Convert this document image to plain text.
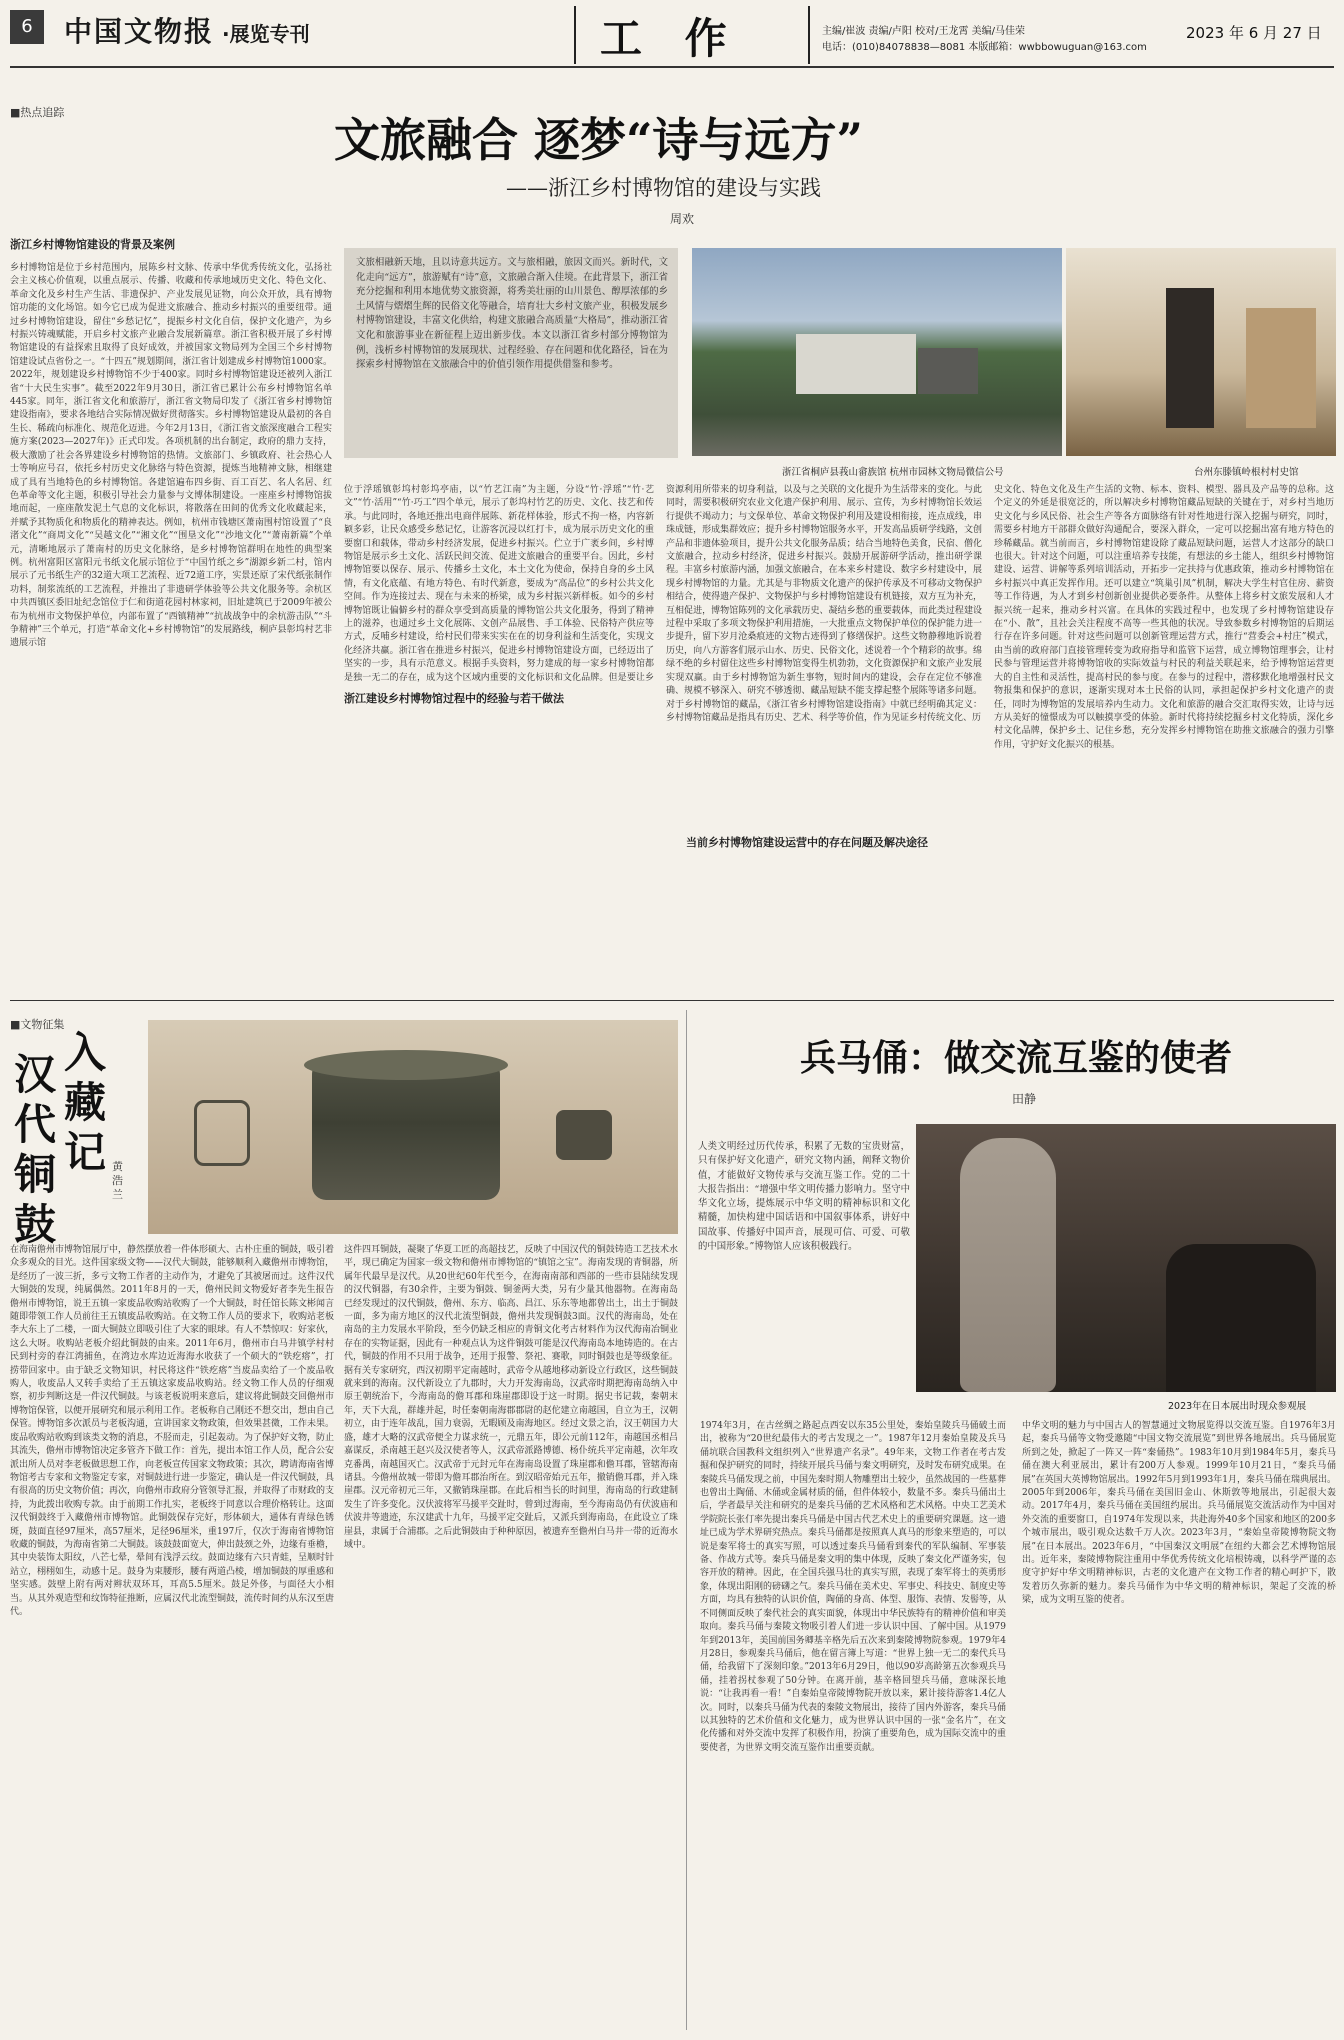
6	中国文物报 ·展览专刊	工 作	主编/崔波 责编/卢阳 校对/王龙霄 美编/马佳荣
电话：(010)84078838—8081 本版邮箱：wwbbowuguan@163.com
2023 年 6 月 27 日
■热点追踪
文旅融合 逐梦“诗与远方”
——浙江乡村博物馆的建设与实践
周欢
浙江乡村博物馆建设的背景及案例
乡村博物馆是位于乡村范围内，展陈乡村文脉、传承中华优秀传统文化，弘扬社会主义核心价值观，以重点展示、传播、收藏和传承地域历史文化、特色文化、革命文化及乡村生产生活、非遗保护、产业发展见证物，向公众开放，具有博物馆功能的文化场馆。如今它已成为促进文旅融合、推动乡村振兴的重要纽带。通过乡村博物馆建设，留住“乡愁记忆”，提振乡村文化自信，保护文化遗产，为乡村振兴铸魂赋能，开启乡村文旅产业融合发展新篇章。浙江省积极开展了乡村博物馆建设的有益探索且取得了良好成效，并被国家文物局列为全国三个乡村博物馆建设试点省份之一。“十四五”规划期间，浙江省计划建成乡村博物馆1000家。2022年，规划建设乡村博物馆不少于400家。同时乡村博物馆建设还被列入浙江省“十大民生实事”。截至2022年9月30日，浙江省已累计公布乡村博物馆名单445家。同年，浙江省文化和旅游厅，浙江省文物局印发了《浙江省乡村博物馆建设指南》，要求各地结合实际情况做好贯彻落实。乡村博物馆建设从最初的各自生长、稀疏向标准化、规范化迈进。今年2月13日，《浙江省文旅深度融合工程实施方案(2023—2027年)》正式印发。各项机制的出台制定，政府的鼎力支持，极大激励了社会各界建设乡村博物馆的热情。文旅部门、乡镇政府、社会热心人士等响应号召，依托乡村历史文化脉络与特色资源，提炼当地精神文脉，相继建成了具有当地特色的乡村博物馆。各建馆遍布四乡街、百工百艺、名人名居、红色革命等文化主题，积极引导社会力量参与文博体制建设。一座座乡村博物馆拔地而起，一座座散发泥土气息的文化标识，将散落在田间的优秀文化收藏起来，并赋予其物质化和物质化的精神表达。例如，杭州市钱塘区萧南围村馆设置了“良渚文化”“商周文化”“吴越文化”“湘文化”“围垦文化”“沙地文化”“萧南新篇”个单元，清晰地展示了萧南村的历史文化脉络，是乡村博物馆群明在地性的典型案例。杭州富阳区富阳元书纸文化展示馆位于“中国竹纸之乡”湖源乡新二村，馆内展示了元书纸生产的32道大项工艺流程、近72道工序，实景还原了宋代纸张制作功料，制浆流纸的工艺流程，并推出了非遗研学体验等公共文化服务等。余杭区中共西镇区委旧址纪念馆位于仁和街道花园村林家祠，旧址建筑已于2009年被公布为杭州市文物保护单位，内部布置了“西镇精神”“抗战战争中的余杭游击队”“斗争精神”三个单元，打造“革命文化+乡村博物馆”的发展路线，桐庐县彰坞村艺非遗展示馆
文旅相融新天地，且以诗意共远方。文与旅相融，旅因文而兴。新时代，文化走向“远方”，旅游赋有“诗”意，文旅融合渐入佳境。在此背景下，浙江省充分挖掘和利用本地优势文旅资源，将秀美壮丽的山川景色、醇厚浓郁的乡土风情与熠熠生辉的民俗文化等融合，培育壮大乡村文旅产业，积极发展乡村博物馆建设，丰富文化供给，构建文旅融合高质量“大格局”，推动浙江省文化和旅游事业在新征程上迈出新步伐。本文以浙江省乡村部分博物馆为例，浅析乡村博物馆的发展现状、过程经验、存在问题和优化路径，旨在为探索乡村博物馆在文旅融合中的价值引领作用提供借鉴和参考。
浙江省桐庐县莪山畲族馆 杭州市园林文物局微信公号	台州东滕镇岭根村村史馆
位于浮瑶镇彰坞村彰坞亭庙，以“竹艺江南”为主题，分设“竹·浮瑶”“竹·艺文”“竹·活用”“竹·巧工”四个单元，展示了彰坞村竹艺的历史、文化、技艺和传承。与此同时，各地还推出电商伴展陈、新花样体验，形式不拘一格，内容新颖多彩，让民众感受乡愁记忆，让游客沉浸以红打卡，成为展示历史文化的重要窗口和载体，带动乡村经济发展，促进乡村振兴。伫立于广袤乡间，乡村博物馆是展示乡土文化、活跃民间交流、促进文旅融合的重要平台。因此，乡村博物馆要以保存、展示、传播乡土文化，本土文化为使命，保持自身的乡土风情，有文化底蕴、有地方特色、有时代新意，要成为“高品位”的乡村公共文化空间。作为连接过去、现在与未来的桥梁，成为乡村振兴新样板。如今的乡村博物馆既让偏僻乡村的群众享受到高质量的博物馆公共文化服务，得到了精神上的滋养，也通过乡土文化展陈、文创产品展售、手工体验、民俗特产供应等方式，反哺乡村建设，给村民们带来实实在在的切身利益和生活变化，实现文化经济共赢。浙江省在推进乡村振兴，促进乡村博物馆建设方面，已经迈出了坚实的一步，具有示范意义。根据手头资料，努力建成的每一家乡村博物馆都是独一无二的存在，成为这个区域内重要的文化标识和文化品牌。但是要让乡
浙江建设乡村博物馆过程中的经验与若干做法
资源利用所带来的切身利益，以及与之关联的文化提升为生活带来的变化。与此同时，需要积极研究农业文化遗产保护利用、展示、宣传，为乡村博物馆长效运行提供不竭动力；与文保单位、革命文物保护利用及建设相衔接，连点成线，串珠成链，形成集群效应；提升乡村博物馆服务水平，开发高品质研学线路，文创产品和非遗体验项目，提升公共文化服务品质；结合当地特色美食，民宿、僧化文旅融合，拉动乡村经济，促进乡村振兴。鼓励开展游研学活动，推出研学课程。丰富乡村旅游内涵，加强文旅融合，在本来乡村建设、数字乡村建设中，展现乡村博物馆的力量。尤其是与非物质文化遗产的保护传承及不可移动文物保护相结合，使得遗产保护、文物保护与乡村博物馆建设有机链接，双方互为补充，互相促进，博物馆陈列的文化承载历史、凝结乡愁的重要载体，而此类过程建设过程中采取了多项文物保护利用措施，一大批重点文物保护单位的保护能力进一步提升，留下岁月沧桑痕迹的文物古迹得到了修缮保护。这些文物静穆地诉说着历史，向八方游客们展示山水、历史、民俗文化，述说着一个个精彩的故事。绵绿不绝的乡村留住这些乡村博物馆变得生机勃勃，文化资源保护和文旅产业发展实现双赢。由于乡村博物馆为新生事物，短时间内的建设，会存在定位不够准确、规模不够深入、研究不够透彻、藏品短缺不能支撑起整个展陈等诸多问题。对于乡村博物馆的藏品，《浙江省乡村博物馆建设指南》中就已经明确其定义：乡村博物馆藏品是指具有历史、艺术、科学等价值，作为见证乡村传统文化、历
当前乡村博物馆建设运营中的存在问题及解决途径
史文化、特色文化及生产生活的文物、标本、资料、模型、器具及产品等的总称。这个定义的外延是很宽泛的，所以解决乡村博物馆藏品短缺的关键在于，对乡村当地历史文化与乡风民俗、社会生产等各方面脉络有针对性地进行深入挖掘与研究，同时，需要乡村地方干部群众做好沟通配合，要深入群众，一定可以挖掘出富有地方特色的珍稀藏品。就当前而言，乡村博物馆建设除了藏品短缺问题，运营人才这部分的缺口也很大。针对这个问题，可以注重培养专技能，有想法的乡土能人，组织乡村博物馆建设、运营、讲解等系列培训活动，开拓步一定扶持与优惠政策，推动乡村博物馆在乡村振兴中真正发挥作用。还可以建立“筑巢引凤”机制，解决大学生村官住房、薪资等工作待遇，为人才到乡村创新创业提供必要条件。从整体上将乡村文旅发展和人才振兴统一起来，推动乡村兴富。在具体的实践过程中，也发现了乡村博物馆建设存在“小、散”，且社会关注程度不高等一些其他的状况。导致参数乡村博物馆的后期运行存在许多问题。针对这些问题可以创新管理运营方式，推行“营委会+村庄”模式，由当前的政府部门直接管理转变为政府指导和监管下运营，成立博物馆理事会，让村民参与管理运营并将博物馆收的实际效益与村民的利益关联起来，给予博物馆运营更大的自主性和灵活性，提高村民的参与度。在参与的过程中，潜移默化地增强村民文物报集和保护的意识，逐渐实现对本土民俗的认同，承担起保护乡村文化遗产的责任，同时为博物馆的发展培养内生动力。文化和旅游的融合交汇取得实效，让诗与远方从美好的憧憬成为可以触摸享受的体验。新时代将持续挖掘乡村文化特质，深化乡村文化品牌，保护乡土、记住乡愁，充分发挥乡村博物馆在助推文旅融合的强力引擎作用，守护好文化振兴的根基。
■文物征集
汉代铜鼓
入藏记 黄浩兰
在海南儋州市博物馆展厅中，静然摆放着一件体形硕大、古朴庄重的铜鼓，吸引着众多观众的目光。这件国家级文物——汉代大铜鼓，能够顺利入藏儋州市博物馆，是经历了一波三折，多亏文物工作者的主动作为，才避免了其被屠而过。这件汉代大铜鼓的发现，纯属偶然。2011年8月的一天，儋州民间文物爱好者李先生报告儋州市博物馆，说王五镇一家废品收购站收购了一个大铜鼓，时任馆长陈文彬闻言随即带领工作人员前往王五镇废品收购站。在文物工作人员的要求下，收购站老板李大东上了二楼，一面大铜鼓立即吸引住了大家的眼球。有人不禁惊叹：好家伙，这么大呀。收购站老板介绍此铜鼓的由来。2011年6月，儋州市白马井镇学村村民到村旁的春江湾捕鱼，在湾边水库边近海海水收获了一个硕大的“铁疙瘩”，打捞带回家中。由于缺乏文物知识，村民将这件“铁疙瘩”当废品卖给了一个废品收购人，收废品人又转手卖给了王五镇这家废品收购站。经文物工作人员的仔细观察，初步判断这是一件汉代铜鼓。与该老板说明来意后，建议将此铜鼓交回儋州市博物馆保管，以便开展研究和展示利用工作。老板称自己刚还不想交出，想由自己保管。博物馆多次派员与老板沟通，宣讲国家文物政策，但效果甚微，工作未果。废品收购站收购到该类文物的消息，不胫而走，引起轰动。为了保护好文物，防止其流失，儋州市博物馆决定多管齐下做工作：首先，提出本馆工作人员，配合公安派出所人员对李老板做思想工作，向老板宣传国家文物政策；其次，聘请海南省博物馆考古专家和文物鉴定专家，对铜鼓进行进一步鉴定，确认是一件汉代铜鼓，具有很高的历史文物价值；再次，向儋州市政府分管领导汇报，并取得了市财政的支持，为此拨出收购专款。由于前期工作扎实，老板终于同意以合理价格转让。这面汉代铜鼓终于入藏儋州市博物馆。此铜鼓保存完好，形体硕大，通体有青绿色锈斑，鼓面直径97厘米，高57厘米，足径96厘米，重197斤，仅次于海南省博物馆收藏的铜鼓，为海南省第二大铜鼓。该鼓鼓面宽大，伸出鼓颈之外，边缘有垂檐，其中央装饰太阳纹，八芒七晕，晕间有浅浮云纹。鼓面边缘有六只青蛙，呈顺时针站立，栩栩如生，动感十足。鼓身为束腰形，腰有两道凸棱，增加铜鼓的厚重感和坚实感。鼓壁上附有两对辫状双环耳，耳高5.5厘米。鼓足外侈，与面径大小相当。从其外观造型和纹饰特征推断，应属汉代北流型铜鼓，流传时间约从东汉至唐代。
这件四耳铜鼓，凝聚了华夏工匠的高超技艺，反映了中国汉代的铜鼓铸造工艺技术水平，现已确定为国家一级文物和儋州市博物馆的“镇馆之宝”。海南发现的青铜器，所属年代最早是汉代。从20世纪60年代至今，在海南南部和西部的一些市县陆续发现的汉代铜器，有30余件，主要为铜鼓、铜釜两大类，另有少量其他器物。在海南岛已经发现过的汉代铜鼓，儋州、东方、临高、昌江、乐东等地都曾出土，出土于铜鼓一面，多为南方地区的汉代北流型铜鼓，儋州共发现铜鼓3面。汉代的海南岛，处在南岛的主力发展水平阶段，至今仍缺乏相应的青铜文化考古材料作为汉代海南冶铜业存在的实物证据，因此有一种观点认为这件铜鼓可能是汉代海南岛本地铸造的。在古代，铜鼓的作用不只用于战争，还用于报警、祭祀、赛歌，同时铜鼓也是等级象征。据有关专家研究，西汉初期平定南越时，武帝令从越地移动新设立行政区，这些铜鼓就来到的海南。汉代新设立了九郡时，大力开发海南岛，汉武帝时期把海南岛纳入中原王朝统治下，今海南岛的儋耳郡和珠崖郡即设于这一时期。据史书记载，秦朝末年，天下大乱，群雄并起，时任秦朝南海郡郡尉的赵佗建立南越国，自立为王，汉朝初立，由于连年战乱，国力衰弱，无暇顾及南海地区。经过文景之治，汉王朝国力大盛，雄才大略的汉武帝便全力谋求统一，元鼎五年，即公元前112年，南越国丞相吕嘉谋反，杀南越王赵兴及汉使者等人，汉武帝派路博德、杨仆统兵平定南越，次年攻克番禺，南越国灭亡。汉武帝于元封元年在海南岛设置了珠崖郡和儋耳郡，管辖海南诸县。今儋州故城一带即为儋耳郡治所在。到汉昭帝始元五年，撤销儋耳郡，并入珠崖郡。汉元帝初元三年，又撤销珠崖郡。在此后相当长的时间里，海南岛的行政建制发生了许多变化。汉伏波将军马援平交趾时，曾到过海南，至今海南岛仍有伏波庙和伏波井等遗迹，东汉建武十九年，马援平定交趾后，又派兵到海南岛，在此设立了珠崖县，隶属于合浦郡。之后此铜鼓由于种种原因，被遗弃至儋州白马井一带的近海水域中。
兵马俑：做交流互鉴的使者
田静
人类文明经过历代传承，积累了无数的宝贵财富，只有保护好文化遗产，研究文物内涵，阐释文物价值，才能做好文物传承与交流互鉴工作。党的二十大报告指出：“增强中华文明传播力影响力。坚守中华文化立场，提炼展示中华文明的精神标识和文化精髓，加快构建中国话语和中国叙事体系，讲好中国故事、传播好中国声音，展现可信、可爱、可敬的中国形象。”博物馆人应该积极践行。
2023年在日本展出时现众参观展
1974年3月，在古丝绸之路起点西安以东35公里处，秦始皇陵兵马俑破土而出，被称为“20世纪最伟大的考古发现之一”。1987年12月秦始皇陵及兵马俑坑联合国教科文组织列入“世界遗产名录”。49年来，文物工作者在考古发掘和保护研究的同时，持续开展兵马俑与秦文明研究，及时发布研究成果。在秦陵兵马俑发现之前，中国先秦时期人物雕塑出土较少，虽然战国的一些墓葬也曾出土陶俑、木俑或金属材质的俑，但件体较小，数量不多。秦兵马俑出土后，学者最早关注和研究的是秦兵马俑的艺术风格和艺术风格。中央工艺美术学院院长张仃率先提出秦兵马俑是中国古代艺术史上的重要研究课题。这一遗址已成为学术界研究热点。秦兵马俑都是按照真人真马的形象来塑造的，可以说是秦军将士的真实写照，可以透过秦兵马俑看到秦代的军队编制、军事装备、作战方式等。秦兵马俑是秦文明的集中体现，反映了秦文化严谨务实，包容开放的精神。因此，在全国兵强马壮的真实写照，表现了秦军将士的英勇形象，体现出阳刚的磅礴之气。秦兵马俑在美术史、军事史、科技史、制度史等方面，均具有独特的认识价值，陶俑的身高、体型、服饰、表情、发髻等，从不同侧面反映了秦代社会的真实面貌，体现出中华民族特有的精神价值和审美取向。秦兵马俑与秦陵文物吸引着人们进一步认识中国、了解中国。从1979年到2013年，美国前国务卿基辛格先后五次来到秦陵博物院参观。1979年4月28日，参观秦兵马俑后，他在留言簿上写道：“世界上独一无二的秦代兵马俑，给我留下了深刻印象。”2013年6月29日，他以90岁高龄第五次参观兵马俑，挂着拐杖参观了50分钟。在离开前，基辛格回望兵马俑，意味深长地说：“让我再看一看！”自秦始皇帝陵博物院开放以来，累计接待游客1.4亿人次。同时，以秦兵马俑为代表的秦陵文物展出，接待了国内外游客，秦兵马俑以其独特的艺术价值和文化魅力，成为世界认识中国的一张“金名片”，在文化传播和对外交流中发挥了积极作用，扮演了重要角色，成为国际交流中的重要使者，为世界文明交流互鉴作出重要贡献。
中华文明的魅力与中国古人的智慧通过文物展览得以交流互鉴。自1976年3月起，秦兵马俑等文物受邀随“中国文物交流展览”到世界各地展出。兵马俑展览所到之处，掀起了一阵又一阵“秦俑热”。1983年10月到1984年5月，秦兵马俑在澳大利亚展出，累计有200万人参观。1999年10月21日，“秦兵马俑展”在英国大英博物馆展出。1992年5月到1993年1月，秦兵马俑在瑞典展出。2005年到2006年，秦兵马俑在美国旧金山、休斯敦等地展出，引起很大轰动。2017年4月，秦兵马俑在美国纽约展出。兵马俑展览交流活动作为中国对外交流的重要窗口，自1974年发现以来，共赴海外40多个国家和地区的200多个城市展出，吸引观众达数千万人次。2023年3月，“秦始皇帝陵博物院文物展”在日本展出。2023年6月，“中国秦汉文明展”在纽约大都会艺术博物馆展出。近年来，秦陵博物院注重用中华优秀传统文化培根铸魂，以科学严谨的态度守护好中华文明精神标识，古老的文化遗产在文物工作者的精心呵护下，散发着历久弥新的魅力。秦兵马俑作为中华文明的精神标识，架起了交流的桥梁，成为文明互鉴的使者。
